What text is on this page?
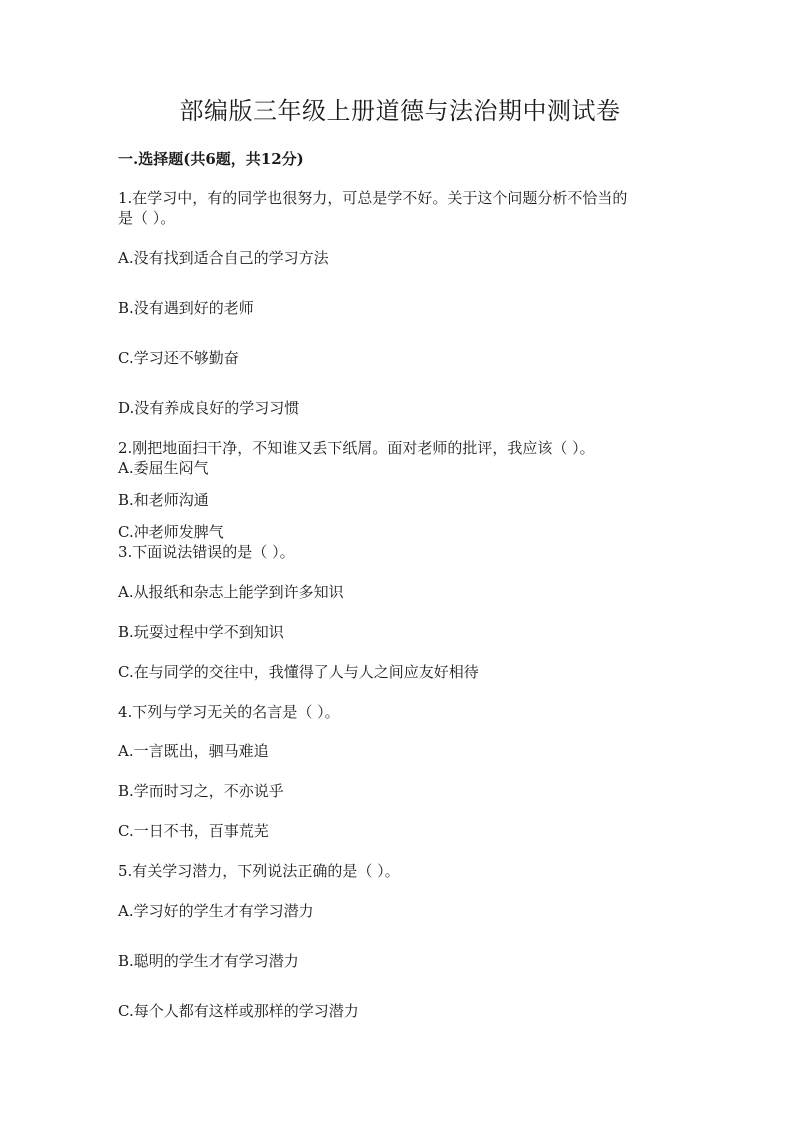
部编版三年级上册道德与法治期中测试卷
一.选择题(共6题，共12分)
1.在学习中，有的同学也很努力，可总是学不好。关于这个问题分析不恰当的
是（ ）。
A.没有找到适合自己的学习方法
B.没有遇到好的老师
C.学习还不够勤奋
D.没有养成良好的学习习惯
2.刚把地面扫干净，不知谁又丢下纸屑。面对老师的批评，我应该（ ）。
A.委屈生闷气
B.和老师沟通
C.冲老师发脾气
3.下面说法错误的是（ ）。
A.从报纸和杂志上能学到许多知识
B.玩耍过程中学不到知识
C.在与同学的交往中，我懂得了人与人之间应友好相待
4.下列与学习无关的名言是（ ）。
A.一言既出，驷马难追
B.学而时习之，不亦说乎
C.一日不书，百事荒芜
5.有关学习潜力，下列说法正确的是（ ）。
A.学习好的学生才有学习潜力
B.聪明的学生才有学习潜力
C.每个人都有这样或那样的学习潜力
